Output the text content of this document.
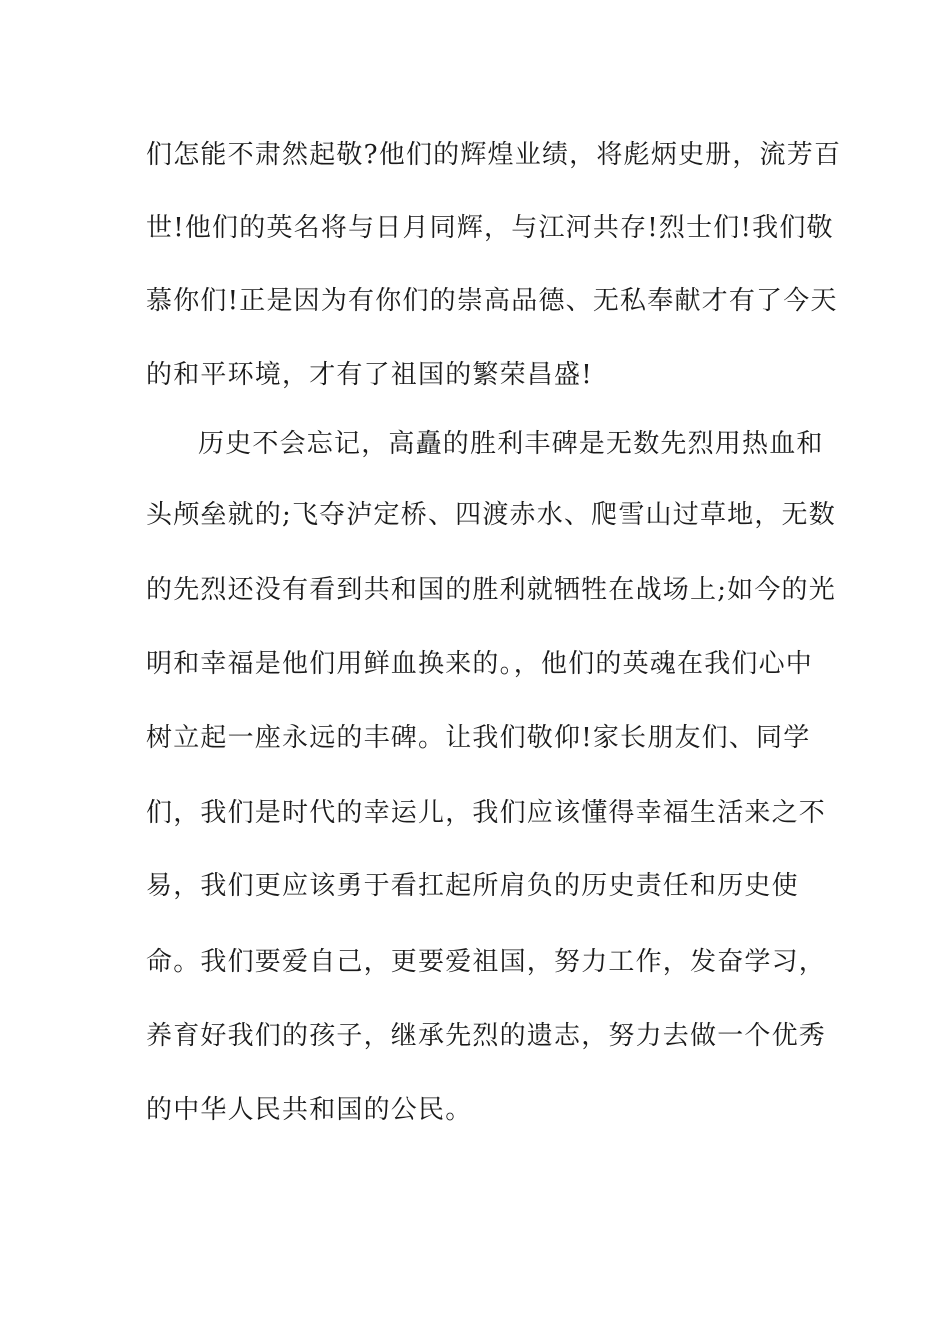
们怎能不肃然起敬?他们的辉煌业绩，将彪炳史册，流芳百
世!他们的英名将与日月同辉，与江河共存!烈士们!我们敬
慕你们!正是因为有你们的崇高品德、无私奉献才有了今天
的和平环境，才有了祖国的繁荣昌盛!
历史不会忘记，高矗的胜利丰碑是无数先烈用热血和
头颅垒就的;飞夺泸定桥、四渡赤水、爬雪山过草地，无数
的先烈还没有看到共和国的胜利就牺牲在战场上;如今的光
明和幸福是他们用鲜血换来的。，他们的英魂在我们心中
树立起一座永远的丰碑。让我们敬仰!家长朋友们、同学
们，我们是时代的幸运儿，我们应该懂得幸福生活来之不
易，我们更应该勇于看扛起所肩负的历史责任和历史使
命。我们要爱自己，更要爱祖国，努力工作，发奋学习，
养育好我们的孩子，继承先烈的遗志，努力去做一个优秀
的中华人民共和国的公民。
